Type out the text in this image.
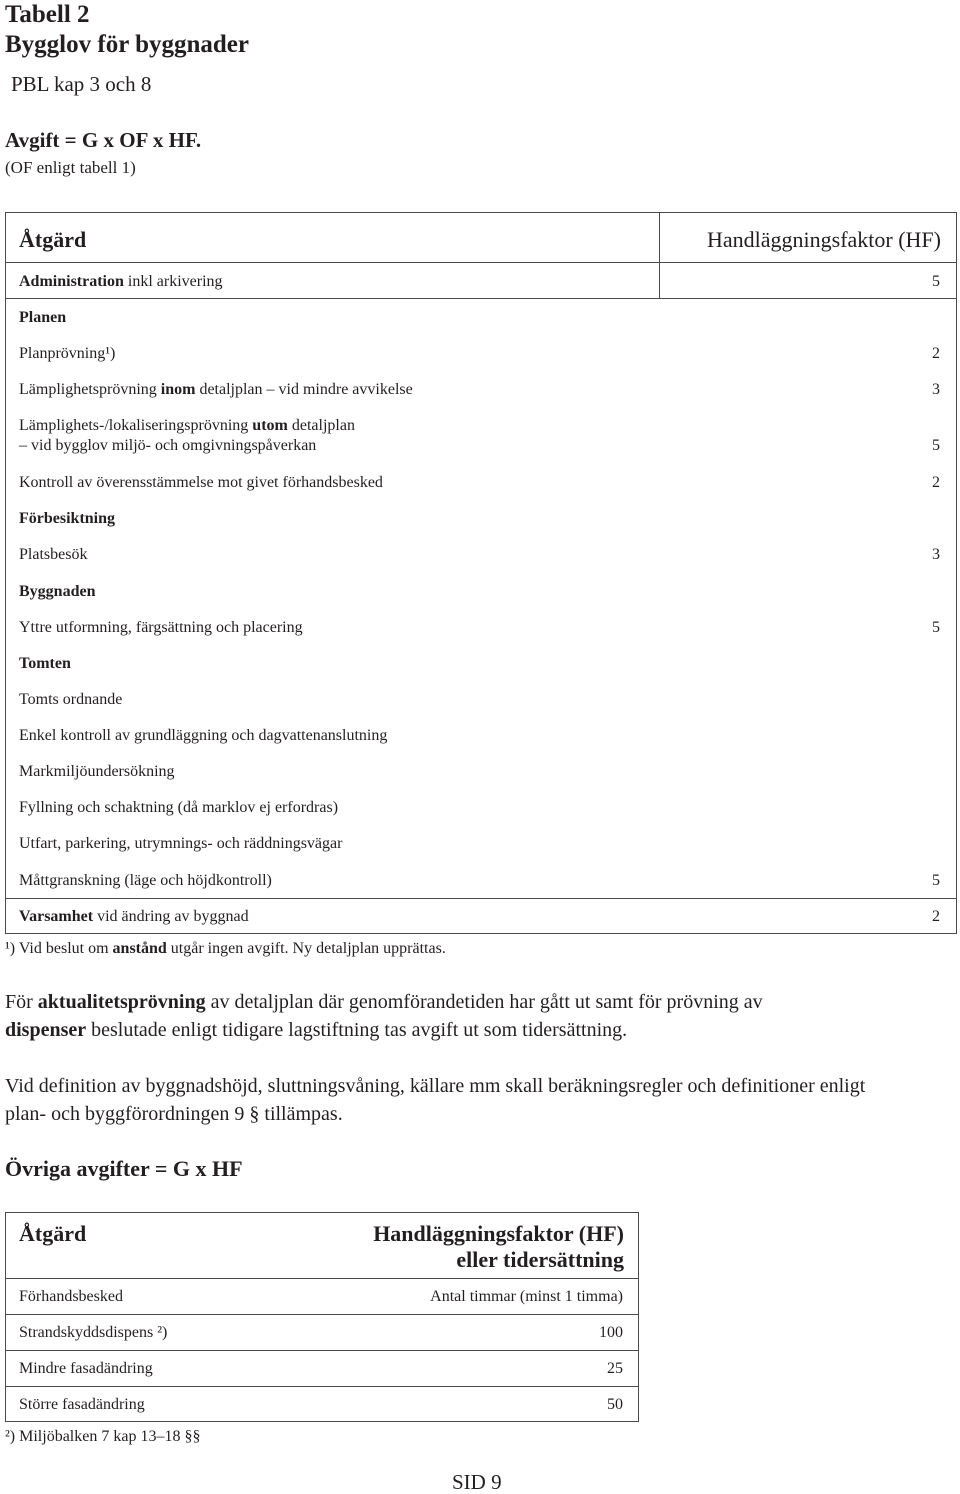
Tabell 2
Bygglov för byggnader
PBL kap 3 och 8
Avgift = G x OF x HF.
(OF enligt tabell 1)
Åtgärd	Handläggningsfaktor (HF)
Administration inkl arkivering	5
Planen
Planprövning¹)	2
Lämplighetsprövning inom detaljplan – vid mindre avvikelse	3
Lämplighets-/lokaliseringsprövning utom detaljplan
– vid bygglov miljö- och omgivningspåverkan	5
Kontroll av överensstämmelse mot givet förhandsbesked	2
Förbesiktning
Platsbesök	3
Byggnaden
Yttre utformning, färgsättning och placering	5
Tomten
Tomts ordnande
Enkel kontroll av grundläggning och dagvattenanslutning
Markmiljöundersökning
Fyllning och schaktning (då marklov ej erfordras)
Utfart, parkering, utrymnings- och räddningsvägar
Måttgranskning (läge och höjdkontroll)	5
Varsamhet vid ändring av byggnad	2
¹) Vid beslut om anstånd utgår ingen avgift. Ny detaljplan upprättas.
För aktualitetsprövning av detaljplan där genomförandetiden har gått ut samt för prövning av
dispenser beslutade enligt tidigare lagstiftning tas avgift ut som tidersättning.
Vid definition av byggnadshöjd, sluttningsvåning, källare mm skall beräkningsregler och definitioner enligt
plan- och byggförordningen 9 § tillämpas.
Övriga avgifter = G x HF
Åtgärd	Handläggningsfaktor (HF)
eller tidersättning
Förhandsbesked	Antal timmar (minst 1 timma)
Strandskyddsdispens ²)	100
Mindre fasadändring	25
Större fasadändring	50
²) Miljöbalken 7 kap 13–18 §§
SID 9
